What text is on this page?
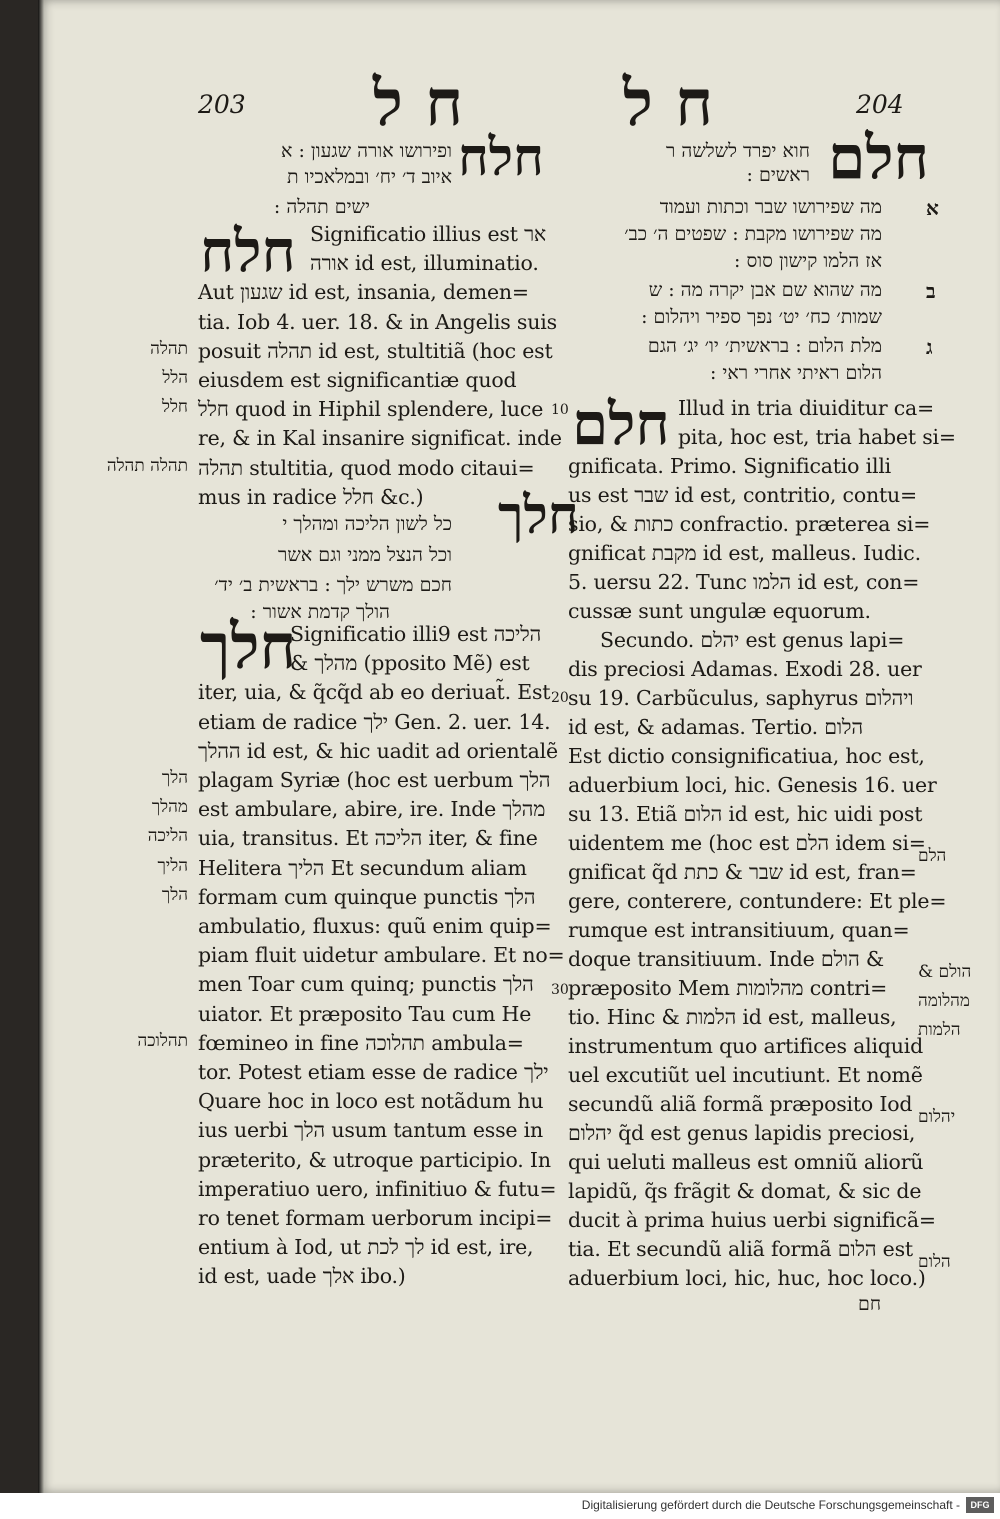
203	204
ח ל ח ל
חלח
ופירושו אורה שגעון : א
איוב ד׳ יח׳ ובמלאכיו ת
ישים תהלה :
חלח Significatio illius est אר
אורה id est, illuminatio.
Aut שגעון id est, insania, demen=
tia. Iob 4. uer. 18. & in Angelis suis
posuit תהלה id est, stultitiã (hoc est
eiusdem est significantiæ quod
חלל quod in Hiphil splendere, luce
re, & in Kal insanire significat. inde
תהלה stultitia, quod modo citaui=
mus in radice חלל &c.) חלך
כל לשון הליכה ומהלך י
וכל הנצל ממני וגם אשר
חכם משרש ילך : בראשית ב׳ יד׳
הולך קדמת אשור :
חלך
Significatio illi9 est הליכה
& מהלך (pposito Mẽ) est
iter, uia, & q̃cq̃d ab eo deriuat̃. Est
etiam de radice ילך Gen. 2. uer. 14.
ההלך id est, & hic uadit ad orientalẽ
plagam Syriæ (hoc est uerbum הלך
est ambulare, abire, ire. Inde מהלך
uia, transitus. Et הליכה iter, & fine
Helitera הליך Et secundum aliam
formam cum quinque punctis הלך
ambulatio, fluxus: quũ enim quip=
piam fluit uidetur ambulare. Et no=
men Toar cum quinq; punctis הלך
uiator. Et præposito Tau cum He
fœmineo in fine תהלוכה ambula=
tor. Potest etiam esse de radice ילך
Quare hoc in loco est notãdum hu
ius uerbi הלך usum tantum esse in
præterito, & utroque participio. In
imperatiuo uero, infinitiuo & futu=
ro tenet formam uerborum incipi=
entium à Iod, ut לך לכת id est, ire,
id est, uade אלך ibo.)
תהלה
הלל
חלל
תהלה תהלה
הלך
מהלך
הליכה
הליך
הלך
תהלוכה
חלם
חוא יפרד לשלשה ר
ראשים :
א
מה שפירושו שבר וכתות ועמוד
מה שפירושו מקבת : שפטים ה׳ כב׳
אז הלמו קישון סוס :
ב
מה שהוא שם אבן יקרה מה : ש
שמות׳ כח׳ יט׳ נפך ספיר ויהלום :
ג
מלת הלום : בראשית׳ יו׳ יג׳ הגם
הלום ראיתי אחרי ראי :
חלם Illud in tria diuiditur ca=
pita, hoc est, tria habet si=
gnificata. Primo. Significatio illi
us est שבר id est, contritio, contu=
sio, & כתות confractio. præterea si=
gnificat מקבת id est, malleus. Iudic.
5. uersu 22. Tunc הלמו id est, con=
cussæ sunt ungulæ equorum.
Secundo. יהלם est genus lapi=
dis preciosi Adamas. Exodi 28. uer
su 19. Carbũculus, saphyrus ויהלום
id est, & adamas. Tertio. הלום
Est dictio consignificatiua, hoc est,
aduerbium loci, hic. Genesis 16. uer
su 13. Etiã הלום id est, hic uidi post
uidentem me (hoc est הלם idem si=
gnificat q̃d שבר & כתת id est, fran=
gere, conterere, contundere: Et ple=
rumque est intransitiuum, quan=
doque transitiuum. Inde הולם &
præposito Mem מהלומות contri=
tio. Hinc & הלמות id est, malleus,
instrumentum quo artifices aliquid
uel excutiũt uel incutiunt. Et nomẽ
secundũ aliã formã præposito Iod
יהלום q̃d est genus lapidis preciosi,
qui ueluti malleus est omniũ aliorũ
lapidũ, q̃s frãgit & domat, & sic de
ducit à prima huius uerbi significã=
tia. Et secundũ aliã formã הלום est
aduerbium loci, hic, huc, hoc loco.)
הלם
הולם &
מהלומה
הלמות
יהלום
הלום
חם
10
20
30
Digitalisierung gefördert durch die Deutsche Forschungsgemeinschaft -	DFG
